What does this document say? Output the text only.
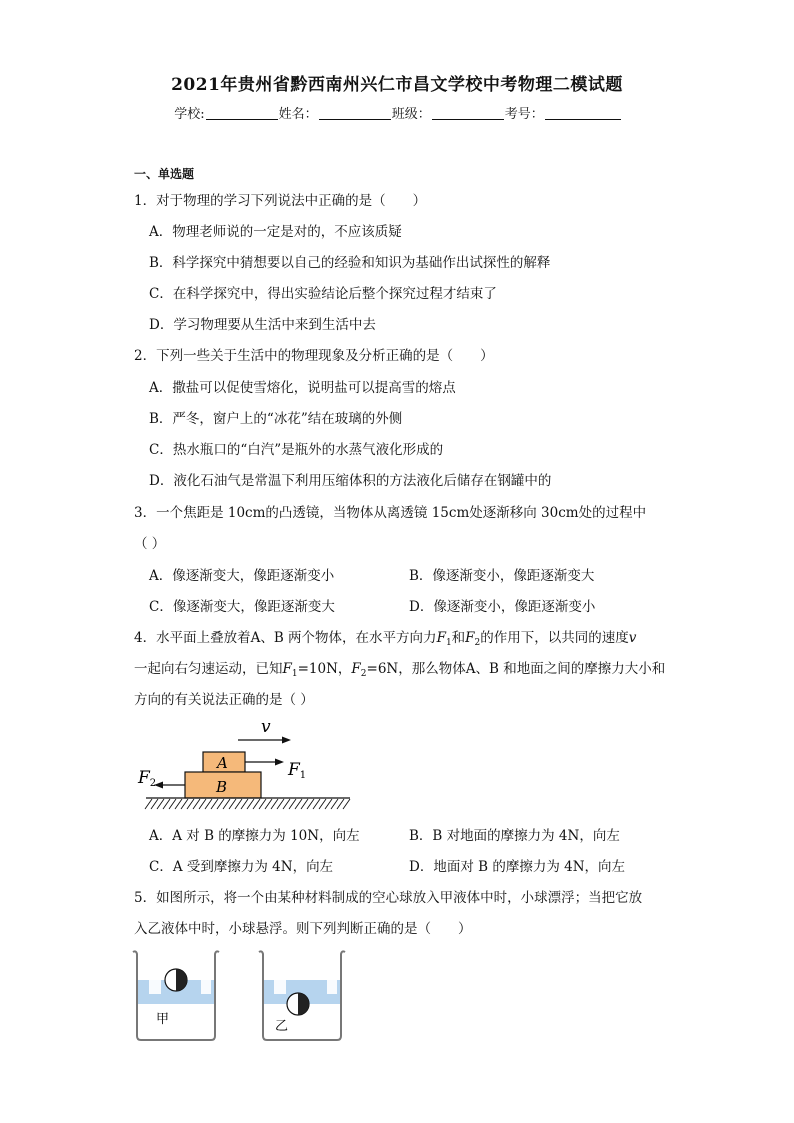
2021年贵州省黔西南州兴仁市昌文学校中考物理二模试题
学校:	姓名：	班级：	考号：
一、单选题
1．对于物理的学习下列说法中正确的是（　　）
A．物理老师说的一定是对的，不应该质疑
B．科学探究中猜想要以自己的经验和知识为基础作出试探性的解释
C．在科学探究中，得出实验结论后整个探究过程才结束了
D．学习物理要从生活中来到生活中去
2．下列一些关于生活中的物理现象及分析正确的是（　　）
A．撒盐可以促使雪熔化，说明盐可以提高雪的熔点
B．严冬，窗户上的“冰花”结在玻璃的外侧
C．热水瓶口的“白汽”是瓶外的水蒸气液化形成的
D．液化石油气是常温下利用压缩体积的方法液化后储存在钢罐中的
3．一个焦距是 10cm的凸透镜，当物体从离透镜 15cm处逐渐移向 30cm处的过程中
（ ）
A．像逐渐变大，像距逐渐变小	B．像逐渐变小，像距逐渐变大
C．像逐渐变大，像距逐渐变大	D．像逐渐变小，像距逐渐变小
4．水平面上叠放着A、B 两个物体，在水平方向力$F_1$和$F_2$的作用下，以共同的速度v
一起向右匀速运动，已知$F_1=10N$，$F_2=6N$，那么物体A、B 和地面之间的摩擦力大小和
方向的有关说法正确的是（ ）
v
A
B
F1
F2
A．A 对 B 的摩擦力为 10N，向左	B．B 对地面的摩擦力为 4N，向左
C．A 受到摩擦力为 4N，向左	D．地面对 B 的摩擦力为 4N，向左
5．如图所示，将一个由某种材料制成的空心球放入甲液体中时，小球漂浮；当把它放
入乙液体中时，小球悬浮。则下列判断正确的是（　　）
甲	乙
